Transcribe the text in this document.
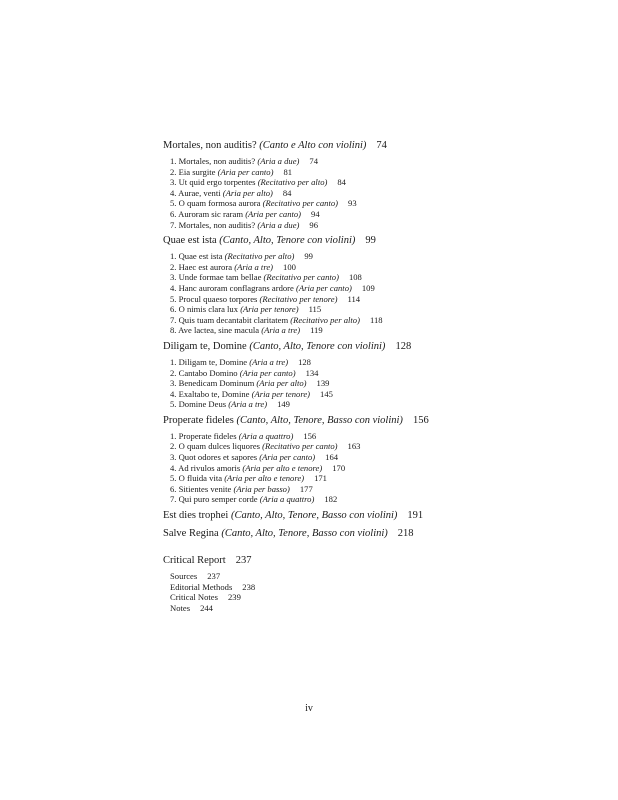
Mortales, non auditis? (Canto e Alto con violini) 74
1. Mortales, non auditis? (Aria a due) 74
2. Eia surgite (Aria per canto) 81
3. Ut quid ergo torpentes (Recitativo per alto) 84
4. Aurae, venti (Aria per alto) 84
5. O quam formosa aurora (Recitativo per canto) 93
6. Auroram sic raram (Aria per canto) 94
7. Mortales, non auditis? (Aria a due) 96
Quae est ista (Canto, Alto, Tenore con violini) 99
1. Quae est ista (Recitativo per alto) 99
2. Haec est aurora (Aria a tre) 100
3. Unde formae tam bellae (Recitativo per canto) 108
4. Hanc auroram conflagrans ardore (Aria per canto) 109
5. Procul quaeso torpores (Recitativo per tenore) 114
6. O nimis clara lux (Aria per tenore) 115
7. Quis tuam decantabit claritatem (Recitativo per alto) 118
8. Ave lactea, sine macula (Aria a tre) 119
Diligam te, Domine (Canto, Alto, Tenore con violini) 128
1. Diligam te, Domine (Aria a tre) 128
2. Cantabo Domino (Aria per canto) 134
3. Benedicam Dominum (Aria per alto) 139
4. Exaltabo te, Domine (Aria per tenore) 145
5. Domine Deus (Aria a tre) 149
Properate fideles (Canto, Alto, Tenore, Basso con violini) 156
1. Properate fideles (Aria a quattro) 156
2. O quam dulces liquores (Recitativo per canto) 163
3. Quot odores et sapores (Aria per canto) 164
4. Ad rivulos amoris (Aria per alto e tenore) 170
5. O fluida vita (Aria per alto e tenore) 171
6. Sitientes venite (Aria per basso) 177
7. Qui puro semper corde (Aria a quattro) 182
Est dies trophei (Canto, Alto, Tenore, Basso con violini) 191
Salve Regina (Canto, Alto, Tenore, Basso con violini) 218
Critical Report 237
Sources 237
Editorial Methods 238
Critical Notes 239
Notes 244
iv
